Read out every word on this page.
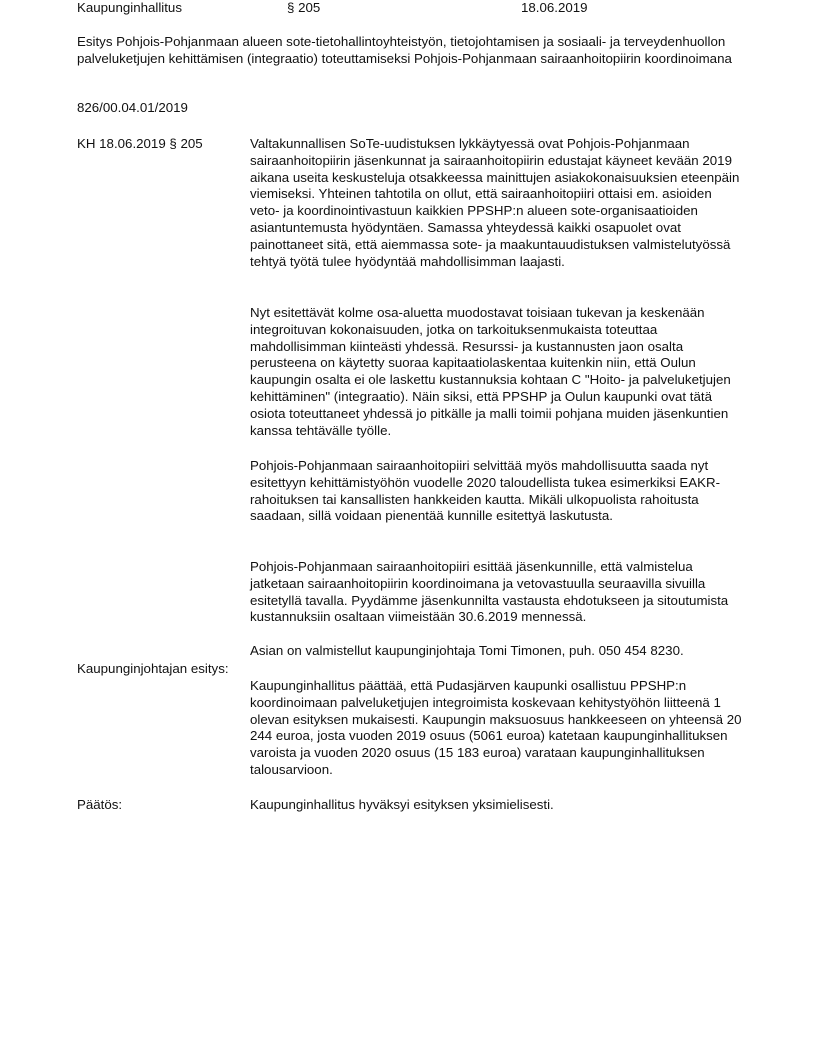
Kaupunginhallitus	§ 205	18.06.2019
Esitys Pohjois-Pohjanmaan alueen sote-tietohallintoyhteistyön, tietojohtamisen ja sosiaali- ja terveydenhuollon palveluketjujen kehittämisen (integraatio) toteuttamiseksi Pohjois-Pohjanmaan sairaanhoitopiirin koordinoimana
826/00.04.01/2019
KH 18.06.2019 § 205	Valtakunnallisen SoTe-uudistuksen lykkäytyessä ovat Pohjois-Pohjanmaan sairaanhoitopiirin jäsenkunnat ja sairaanhoitopiirin edustajat käyneet kevään 2019 aikana useita keskusteluja otsakkeessa mainittujen asiakokonaisuuksien eteenpäin viemiseksi. Yhteinen tahtotila on ollut, että sairaanhoitopiiri ottaisi em. asioiden veto- ja koordinointivastuun kaikkien PPSHP:n alueen sote-organisaatioiden asiantuntemusta hyödyntäen. Samassa yhteydessä kaikki osapuolet ovat painottaneet sitä, että aiemmassa sote- ja maakuntauudistuksen valmistelutyössä tehtyä työtä tulee hyödyntää mahdollisimman laajasti.

Nyt esitettävät kolme osa-aluetta muodostavat toisiaan tukevan ja keskenään integroituvan kokonaisuuden, jotka on tarkoituksenmukaista toteuttaa mahdollisimman kiinteästi yhdessä. Resurssi- ja kustannusten jaon osalta perusteena on käytetty suoraa kapitaatiolaskentaa kuitenkin niin, että Oulun kaupungin osalta ei ole laskettu kustannuksia kohtaan C "Hoito- ja palveluketjujen kehittäminen" (integraatio). Näin siksi, että PPSHP ja Oulun kaupunki ovat tätä osiota toteuttaneet yhdessä jo pitkälle ja malli toimii pohjana muiden jäsenkuntien kanssa tehtävälle työlle.

Pohjois-Pohjanmaan sairaanhoitopiiri selvittää myös mahdollisuutta saada nyt esitettyyn kehittämistyöhön vuodelle 2020 taloudellista tukea esimerkiksi EAKR-rahoituksen tai kansallisten hankkeiden kautta. Mikäli ulkopuolista rahoitusta saadaan, sillä voidaan pienentää kunnille esitettyä laskutusta.

Pohjois-Pohjanmaan sairaanhoitopiiri esittää jäsenkunnille, että valmistelua jatketaan sairaanhoitopiirin koordinoimana ja vetovastuulla seuraavilla sivuilla esitetyllä tavalla. Pyydämme jäsenkunnilta vastausta ehdotukseen ja sitoutumista kustannuksiin osaltaan viimeistään 30.6.2019 mennessä.

Asian on valmistellut kaupunginjohtaja Tomi Timonen, puh. 050 454 8230.

Kaupunginjohtajan esitys:

Kaupunginhallitus päättää, että Pudasjärven kaupunki osallistuu PPSHP:n koordinoimaan palveluketjujen integroimista koskevaan kehitystyöhön liitteenä 1 olevan esityksen mukaisesti. Kaupungin maksuosuus hankkeeseen on yhteensä 20 244 euroa, josta vuoden 2019 osuus (5061 euroa) katetaan kaupunginhallituksen varoista ja vuoden 2020 osuus (15 183 euroa) varataan kaupunginhallituksen talousarvioon.

Päätös:	Kaupunginhallitus hyväksyi esityksen yksimielisesti.
